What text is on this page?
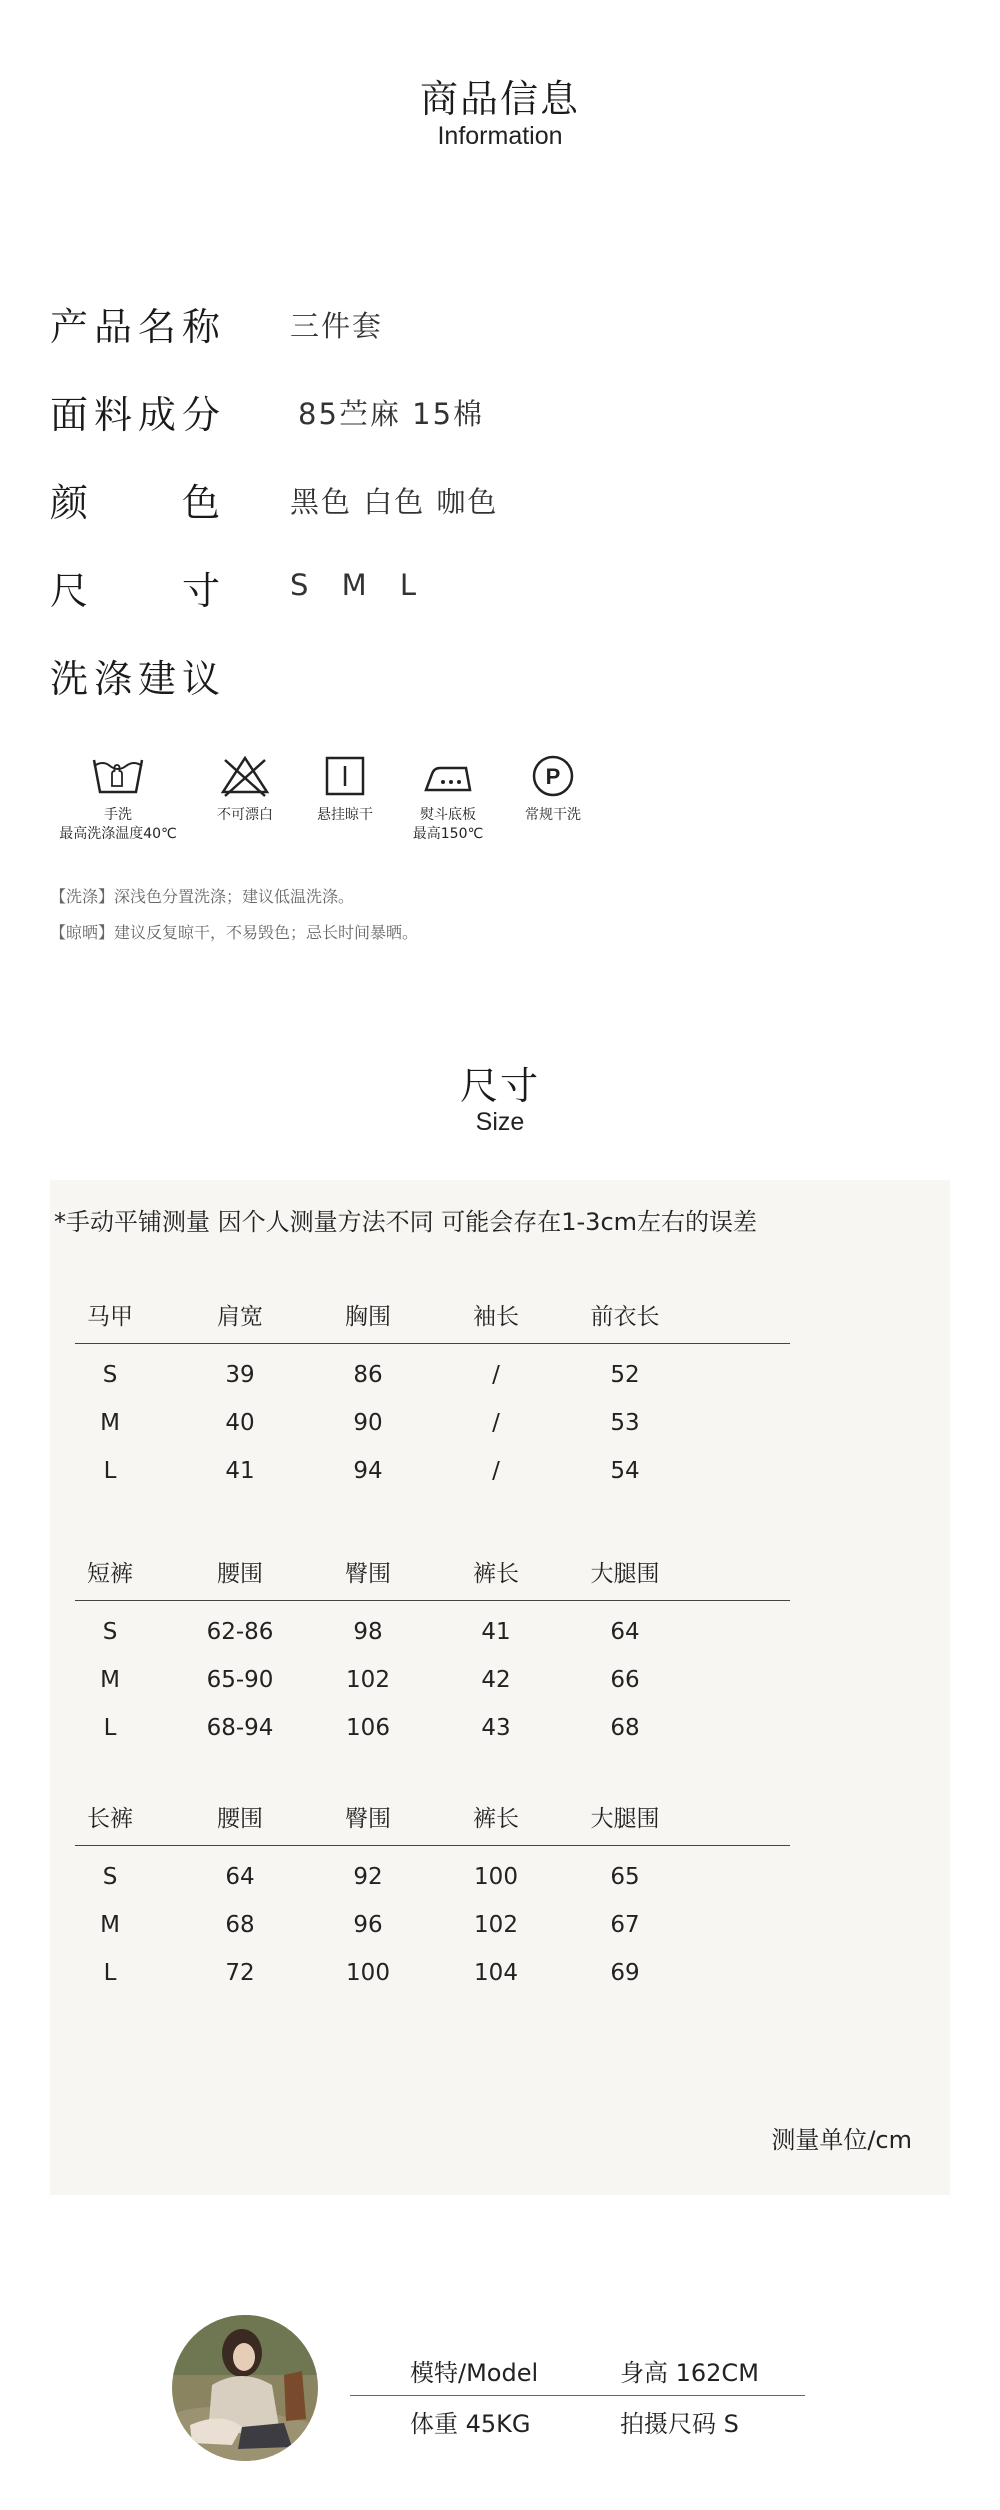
商品信息
Information
产品名称 三件套
面料成分	85苎麻 15棉
颜色 黑色 白色 咖色
尺寸 S M L
洗涤建议
手洗
最高洗涤温度40℃
不可漂白	悬挂晾干	熨斗底板
最高150℃
P
常规干洗
【洗涤】深浅色分置洗涤；建议低温洗涤。
【晾晒】建议反复晾干，不易毁色；忌长时间暴晒。
尺寸
Size
*手动平铺测量 因个人测量方法不同 可能会存在1-3cm左右的误差
马甲	肩宽	胸围	袖长	前衣长
S	39	86	/	52
M	40	90	/	53
L	41	94	/	54
短裤	腰围	臀围	裤长	大腿围
S	62-86	98	41	64
M	65-90	102	42	66
L	68-94	106	43	68
长裤	腰围	臀围	裤长	大腿围
S	64	92	100	65
M	68	96	102	67
L	72	100	104	69
测量单位/cm
模特/Model	身高 162CM
体重 45KG	拍摄尺码 S
